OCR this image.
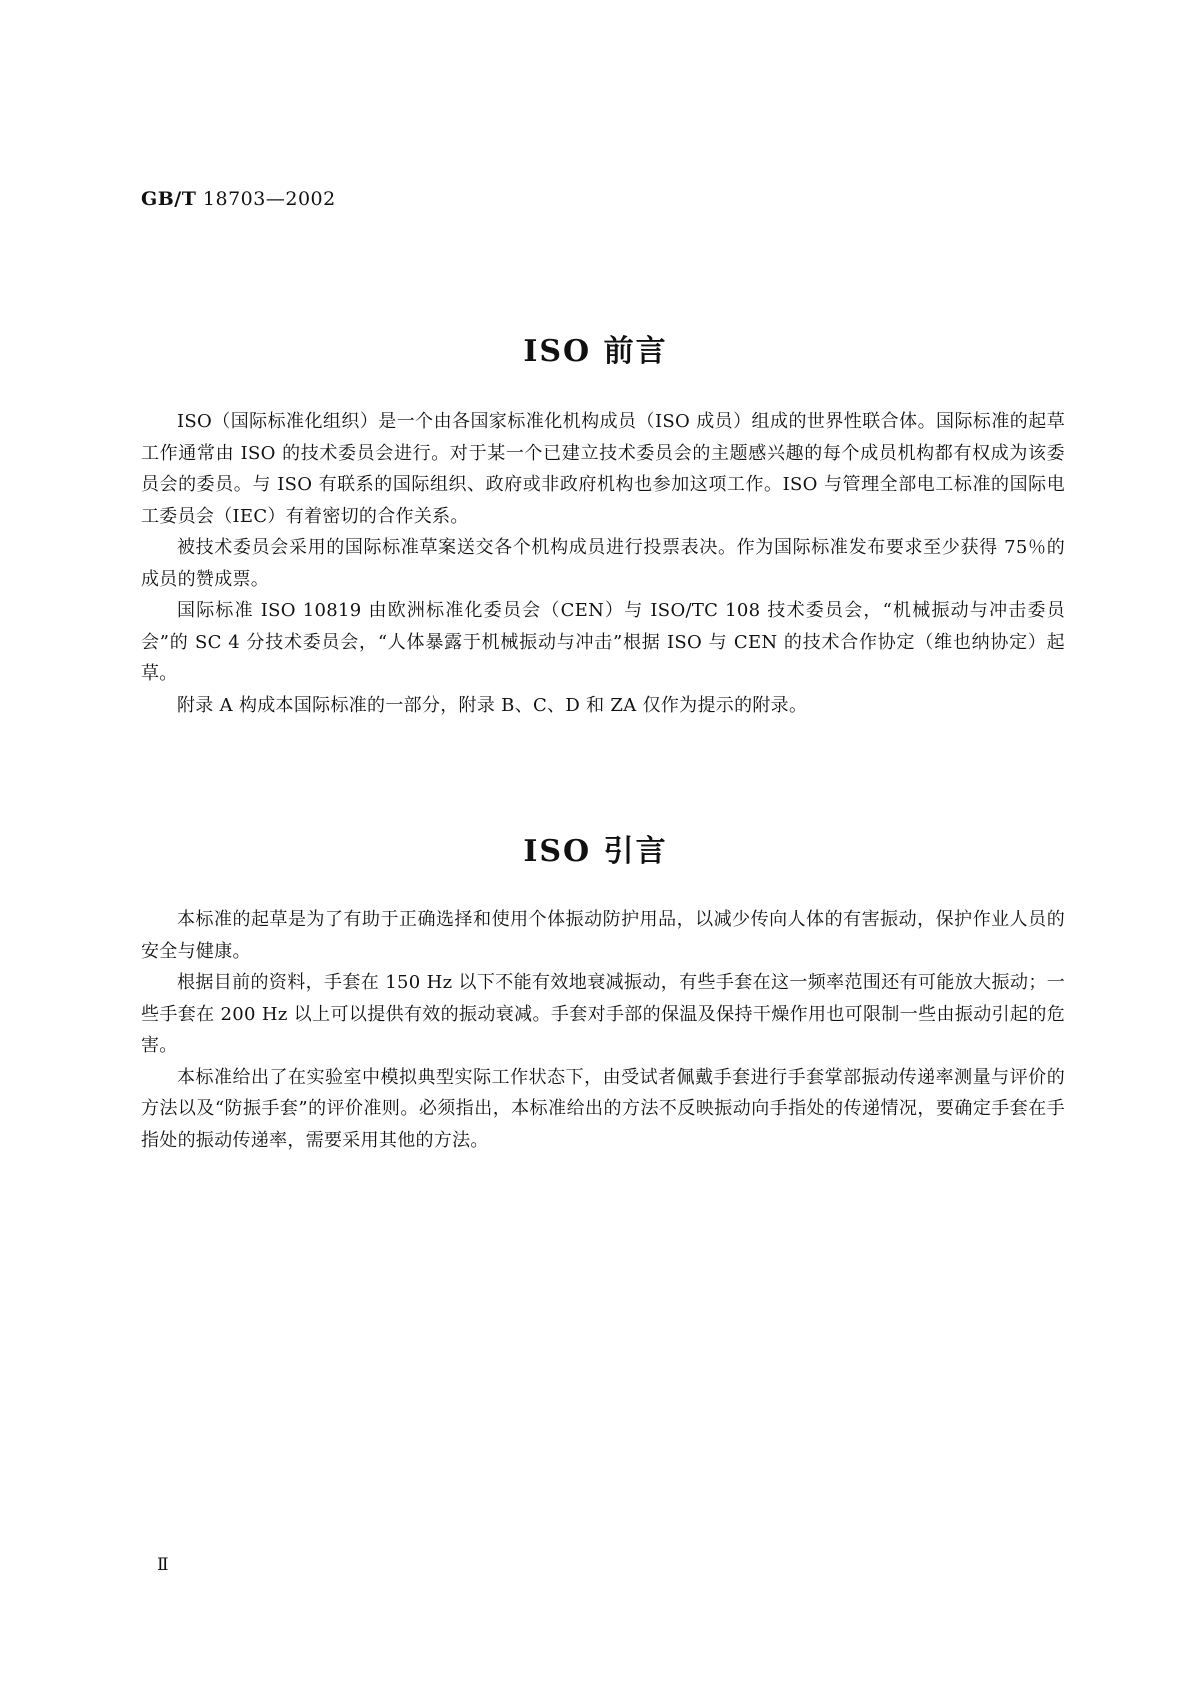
GB/T 18703—2002
ISO 前言

ISO（国际标准化组织）是一个由各国家标准化机构成员（ISO 成员）组成的世界性联合体。国际标准的起草工作通常由 ISO 的技术委员会进行。对于某一个已建立技术委员会的主题感兴趣的每个成员机构都有权成为该委员会的委员。与 ISO 有联系的国际组织、政府或非政府机构也参加这项工作。ISO 与管理全部电工标准的国际电工委员会（IEC）有着密切的合作关系。

被技术委员会采用的国际标准草案送交各个机构成员进行投票表决。作为国际标准发布要求至少获得 75％的成员的赞成票。

国际标准 ISO 10819 由欧洲标准化委员会（CEN）与 ISO/TC 108 技术委员会，“机械振动与冲击委员会”的 SC 4 分技术委员会，“人体暴露于机械振动与冲击”根据 ISO 与 CEN 的技术合作协定（维也纳协定）起草。

附录 A 构成本国际标准的一部分，附录 B、C、D 和 ZA 仅作为提示的附录。

ISO 引言

本标准的起草是为了有助于正确选择和使用个体振动防护用品，以减少传向人体的有害振动，保护作业人员的安全与健康。

根据目前的资料，手套在 150 Hz 以下不能有效地衰减振动，有些手套在这一频率范围还有可能放大振动；一些手套在 200 Hz 以上可以提供有效的振动衰减。手套对手部的保温及保持干燥作用也可限制一些由振动引起的危害。

本标准给出了在实验室中模拟典型实际工作状态下，由受试者佩戴手套进行手套掌部振动传递率测量与评价的方法以及“防振手套”的评价准则。必须指出，本标准给出的方法不反映振动向手指处的传递情况，要确定手套在手指处的振动传递率，需要采用其他的方法。

Ⅱ
